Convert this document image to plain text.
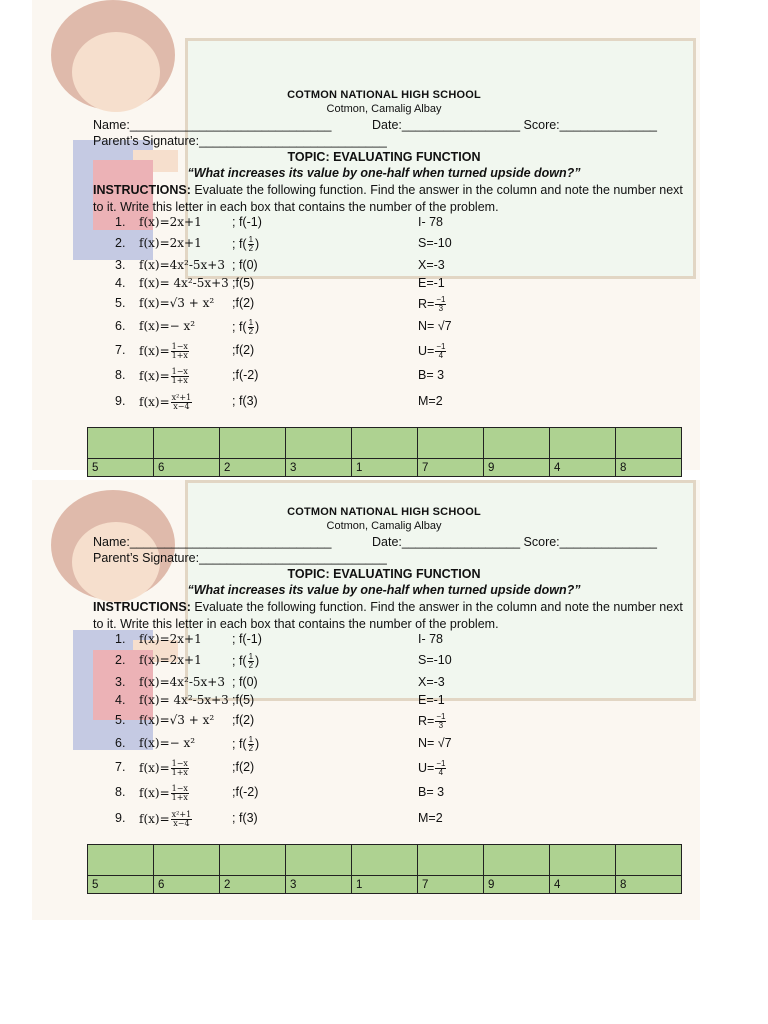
COTMON NATIONAL HIGH SCHOOL
Cotmon, Camalig Albay
Name:_____________________________	Date:_________________ Score:______________
Parent’s Signature:___________________________
TOPIC: EVALUATING FUNCTION
“What increases its value by one-half when turned upside down?”
INSTRUCTIONS: Evaluate the following function. Find the answer in the column and note the number next to it. Write this letter in each box that contains the number of the problem.
1. f(x)=2x+1 ; f(-1)	I- 78
2. f(x)=2x+1 ; $f( \frac{1}{2}$ )	S=-10
3. f(x)=4x²-5x+3 ; f(0)	X=-3
4. f(x)= 4x²-5x+3 ;f(5)	E=-1
5. f(x)=√3 + x² ;f(2)	$R= \frac{-1}{3}$
6. f(x)=− x²	; $f( \frac{1}{2}$ )	N= √7
7. $f(x)= \frac{1-x}{1+x}$	;f(2)	$U= \frac{-1}{4}$
8. $f(x)= \frac{1-x}{1+x}$	;f(-2)	B= 3
9. $f(x)= \frac{\text{x²+1}}{x-4}$	; f(3)	M=2

5	6	2	3	1	7	9	4	8
COTMON NATIONAL HIGH SCHOOL
Cotmon, Camalig Albay
Name:_____________________________	Date:_________________ Score:______________
Parent’s Signature:___________________________
TOPIC: EVALUATING FUNCTION
“What increases its value by one-half when turned upside down?”
INSTRUCTIONS: Evaluate the following function. Find the answer in the column and note the number next to it. Write this letter in each box that contains the number of the problem.
1. f(x)=2x+1 ; f(-1)	I- 78
2. f(x)=2x+1 ; $f( \frac{1}{2}$ )	S=-10
3. f(x)=4x²-5x+3 ; f(0)	X=-3
4. f(x)= 4x²-5x+3 ;f(5)	E=-1
5. f(x)=√3 + x² ;f(2)	$R= \frac{-1}{3}$
6. f(x)=− x²	; $f( \frac{1}{2}$ )	N= √7
7. $f(x)= \frac{1-x}{1+x}$	;f(2)	$U= \frac{-1}{4}$
8. $f(x)= \frac{1-x}{1+x}$	;f(-2)	B= 3
9. $f(x)= \frac{\text{x²+1}}{x-4}$	; f(3)	M=2

5	6	2	3	1	7	9	4	8
